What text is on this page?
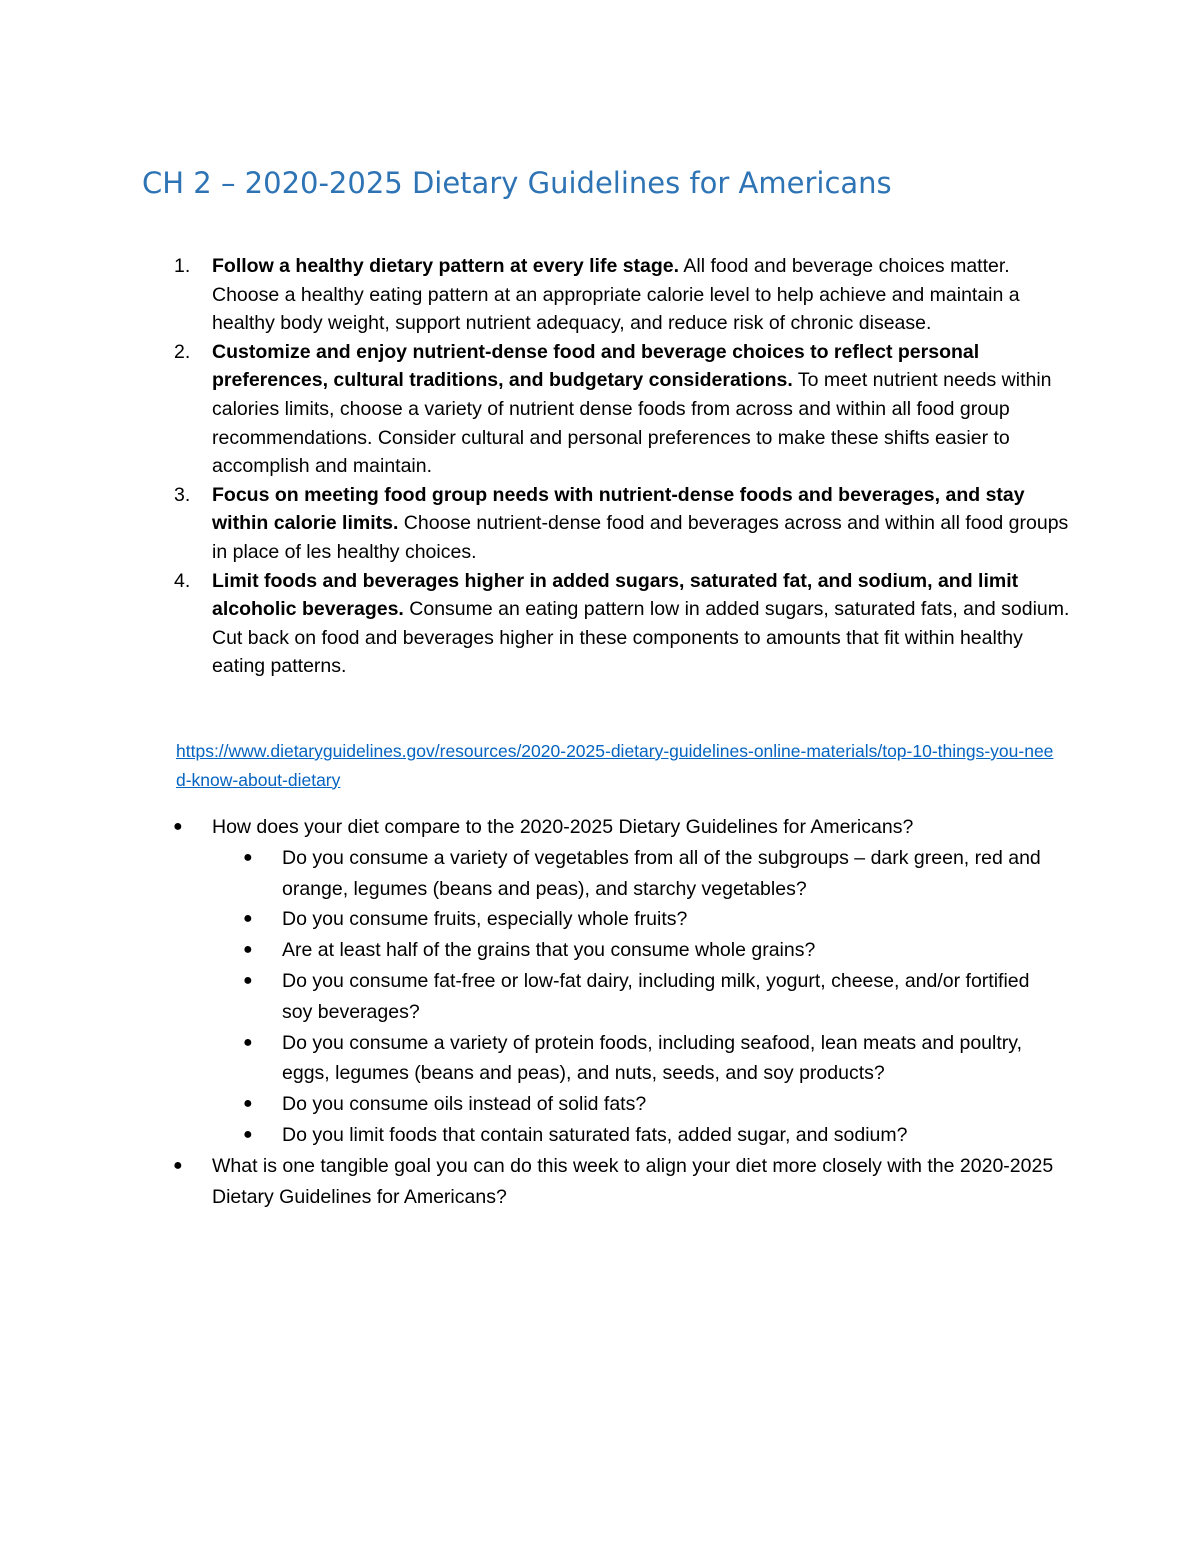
CH 2 – 2020-2025 Dietary Guidelines for Americans
1. Follow a healthy dietary pattern at every life stage. All food and beverage choices matter. Choose a healthy eating pattern at an appropriate calorie level to help achieve and maintain a healthy body weight, support nutrient adequacy, and reduce risk of chronic disease.
2. Customize and enjoy nutrient-dense food and beverage choices to reflect personal preferences, cultural traditions, and budgetary considerations. To meet nutrient needs within calories limits, choose a variety of nutrient dense foods from across and within all food group recommendations. Consider cultural and personal preferences to make these shifts easier to accomplish and maintain.
3. Focus on meeting food group needs with nutrient-dense foods and beverages, and stay within calorie limits. Choose nutrient-dense food and beverages across and within all food groups in place of les healthy choices.
4. Limit foods and beverages higher in added sugars, saturated fat, and sodium, and limit alcoholic beverages. Consume an eating pattern low in added sugars, saturated fats, and sodium. Cut back on food and beverages higher in these components to amounts that fit within healthy eating patterns.
https://www.dietaryguidelines.gov/resources/2020-2025-dietary-guidelines-online-materials/top-10-things-you-need-know-about-dietary
● How does your diet compare to the 2020-2025 Dietary Guidelines for Americans?
● Do you consume a variety of vegetables from all of the subgroups – dark green, red and orange, legumes (beans and peas), and starchy vegetables?
● Do you consume fruits, especially whole fruits?
● Are at least half of the grains that you consume whole grains?
● Do you consume fat-free or low-fat dairy, including milk, yogurt, cheese, and/or fortified soy beverages?
● Do you consume a variety of protein foods, including seafood, lean meats and poultry, eggs, legumes (beans and peas), and nuts, seeds, and soy products?
● Do you consume oils instead of solid fats?
● Do you limit foods that contain saturated fats, added sugar, and sodium?
● What is one tangible goal you can do this week to align your diet more closely with the 2020-2025 Dietary Guidelines for Americans?
